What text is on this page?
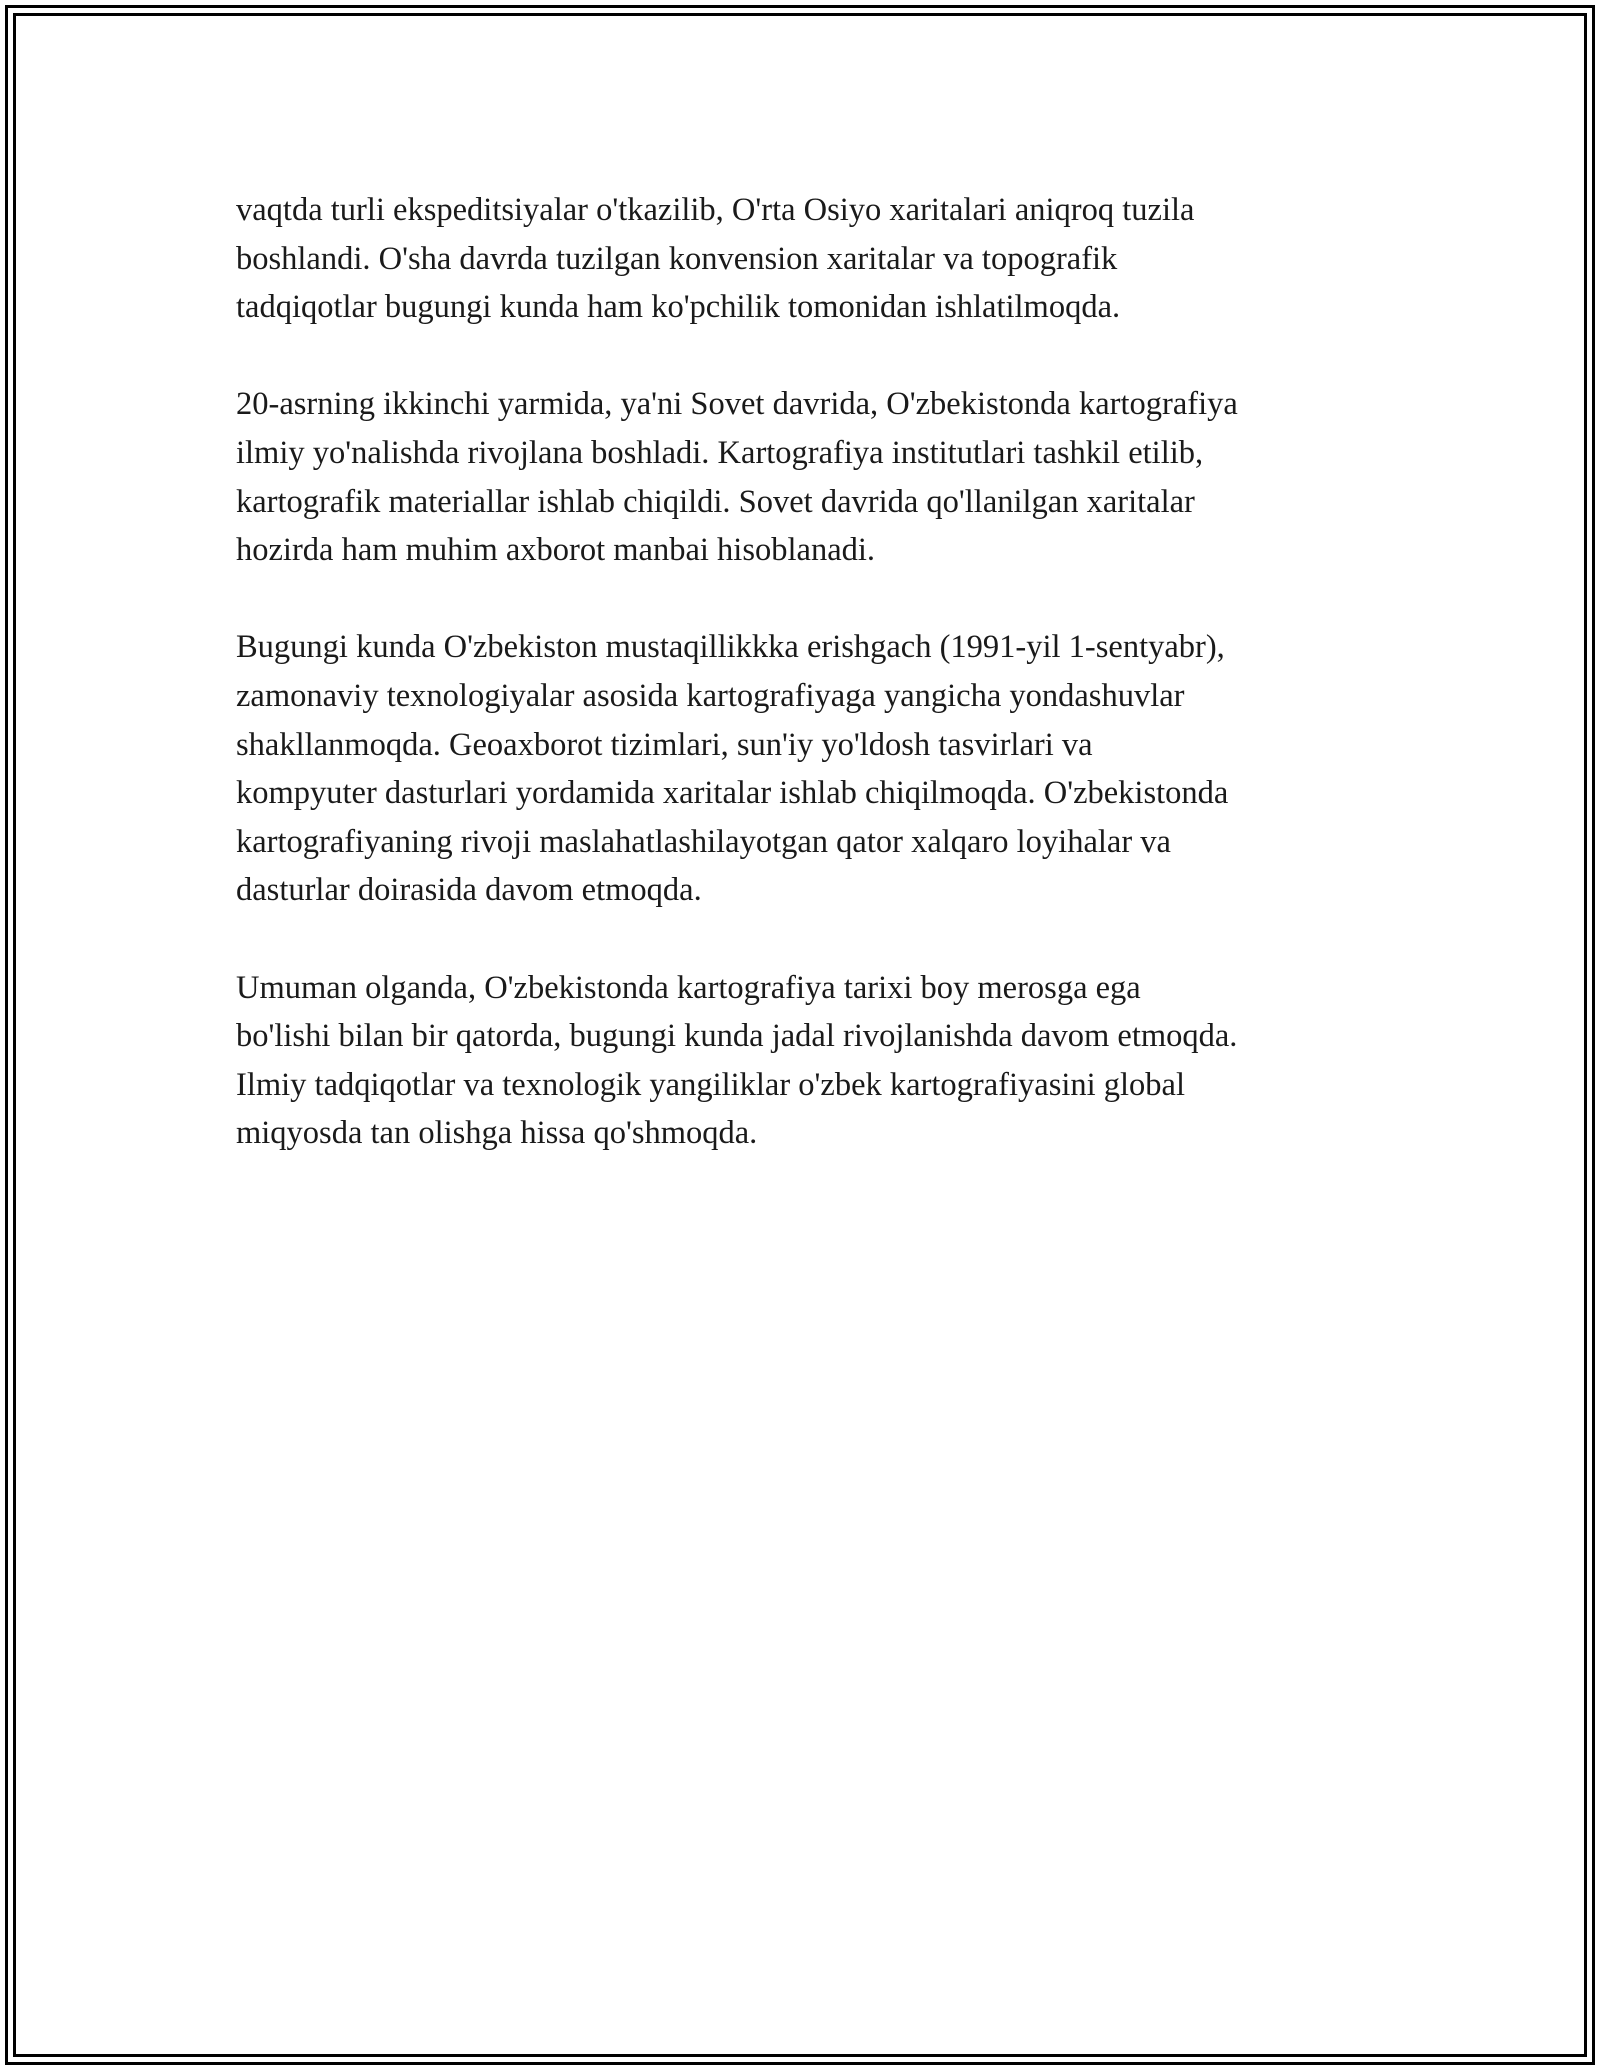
vaqtda turli ekspeditsiyalar o'tkazilib, O'rta Osiyo xaritalari aniqroq tuzila
boshlandi. O'sha davrda tuzilgan konvension xaritalar va topografik
tadqiqotlar bugungi kunda ham ko'pchilik tomonidan ishlatilmoqda.

20-asrning ikkinchi yarmida, ya'ni Sovet davrida, O'zbekistonda kartografiya
ilmiy yo'nalishda rivojlana boshladi. Kartografiya institutlari tashkil etilib,
kartografik materiallar ishlab chiqildi. Sovet davrida qo'llanilgan xaritalar
hozirda ham muhim axborot manbai hisoblanadi.

Bugungi kunda O'zbekiston mustaqillikkka erishgach (1991-yil 1-sentyabr),
zamonaviy texnologiyalar asosida kartografiyaga yangicha yondashuvlar
shakllanmoqda. Geoaxborot tizimlari, sun'iy yo'ldosh tasvirlari va
kompyuter dasturlari yordamida xaritalar ishlab chiqilmoqda. O'zbekistonda
kartografiyaning rivoji maslahatlashilayotgan qator xalqaro loyihalar va
dasturlar doirasida davom etmoqda.

Umuman olganda, O'zbekistonda kartografiya tarixi boy merosga ega
bo'lishi bilan bir qatorda, bugungi kunda jadal rivojlanishda davom etmoqda.
Ilmiy tadqiqotlar va texnologik yangiliklar o'zbek kartografiyasini global
miqyosda tan olishga hissa qo'shmoqda.
